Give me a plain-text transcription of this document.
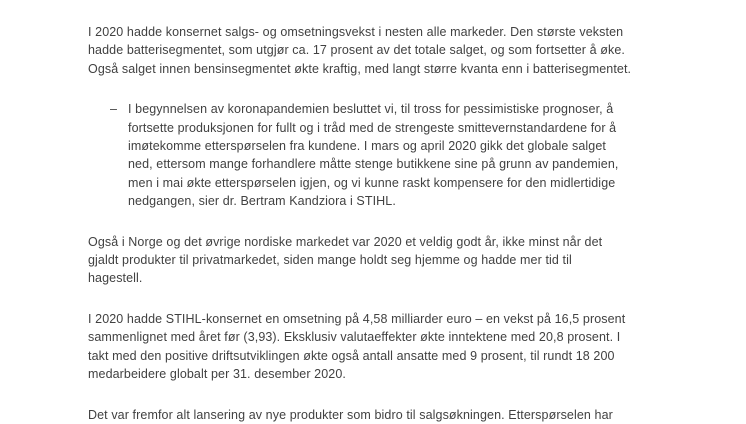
I 2020 hadde konsernet salgs- og omsetningsvekst i nesten alle markeder. Den største veksten
hadde batterisegmentet, som utgjør ca. 17 prosent av det totale salget, og som fortsetter å øke.
Også salget innen bensinsegmentet økte kraftig, med langt større kvanta enn i batterisegmentet.
– I begynnelsen av koronapandemien besluttet vi, til tross for pessimistiske prognoser, å
fortsette produksjonen for fullt og i tråd med de strengeste smittevernstandardene for å
imøtekomme etterspørselen fra kundene. I mars og april 2020 gikk det globale salget
ned, ettersom mange forhandlere måtte stenge butikkene sine på grunn av pandemien,
men i mai økte etterspørselen igjen, og vi kunne raskt kompensere for den midlertidige
nedgangen, sier dr. Bertram Kandziora i STIHL.
Også i Norge og det øvrige nordiske markedet var 2020 et veldig godt år, ikke minst når det
gjaldt produkter til privatmarkedet, siden mange holdt seg hjemme og hadde mer tid til
hagestell.
I 2020 hadde STIHL-konsernet en omsetning på 4,58 milliarder euro – en vekst på 16,5 prosent
sammenlignet med året før (3,93). Eksklusiv valutaeffekter økte inntektene med 20,8 prosent. I
takt med den positive driftsutviklingen økte også antall ansatte med 9 prosent, til rundt 18 200
medarbeidere globalt per 31. desember 2020.
Det var fremfor alt lansering av nye produkter som bidro til salgsøkningen. Etterspørselen har
